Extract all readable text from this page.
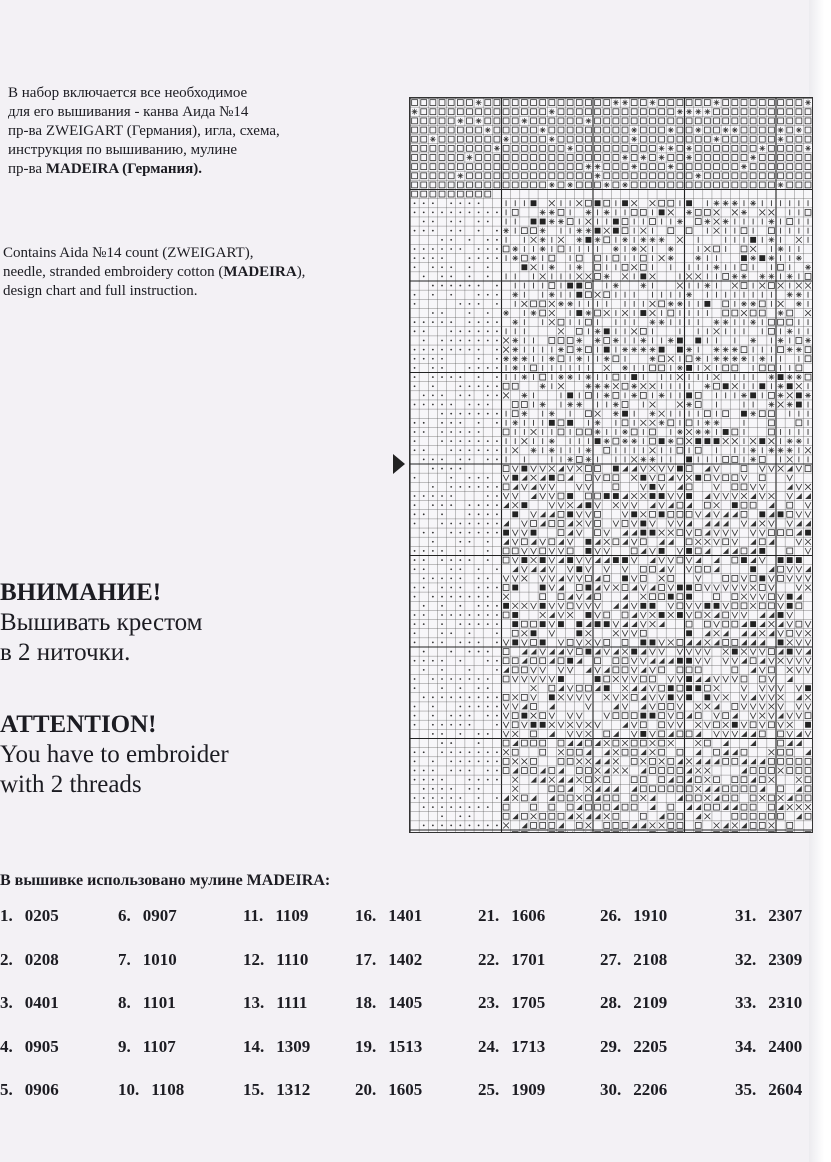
В набор включается все необходимое
для его вышивания - канва Аида №14
пр-ва ZWEIGART (Германия), игла, схема,
инструкция по вышиванию, мулине
пр-ва MADEIRA (Германия).
Contains Aida №14 count (ZWEIGART),
needle, stranded embroidery cotton (MADEIRA),
design chart and full instruction.
ВНИМАНИЕ!
Вышивать крестом
в 2 ниточки.
ATTENTION!
You have to embroider
with 2 threads
В вышивке использовано мулине MADEIRA:
1. 0205
2. 0208
3. 0401
4. 0905
5. 0906
6. 0907
7. 1010
8. 1101
9. 1107
10. 1108
11. 1109
12. 1110
13. 1111
14. 1309
15. 1312
16. 1401
17. 1402
18. 1405
19. 1513
20. 1605
21. 1606
22. 1701
23. 1705
24. 1713
25. 1909
26. 1910
27. 2108
28. 2109
29. 2205
30. 2206
31. 2307
32. 2309
33. 2310
34. 2400
35. 2604
